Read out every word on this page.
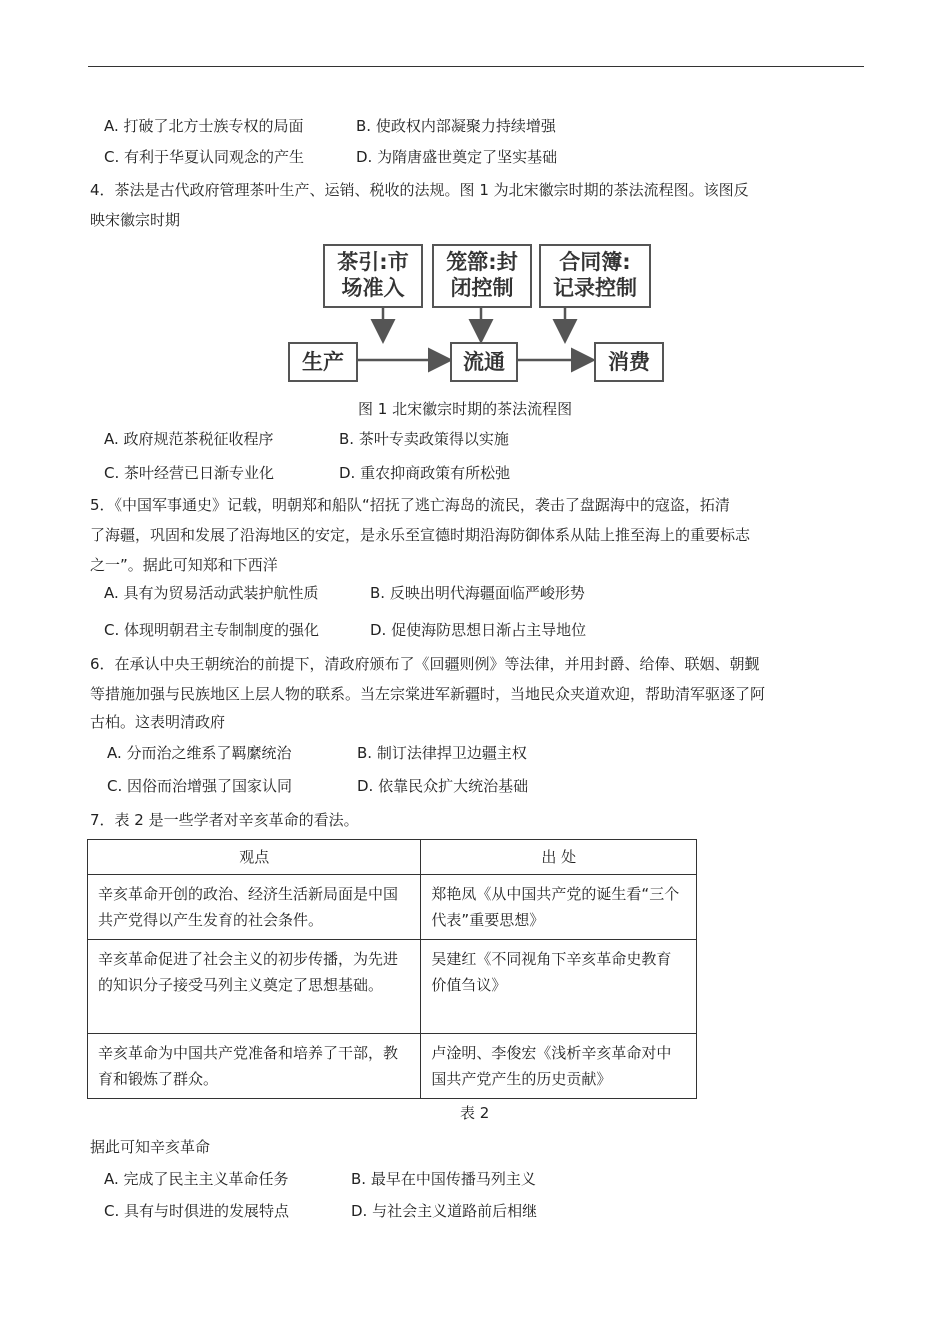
A. 打破了北方士族专权的局面	B. 使政权内部凝聚力持续增强
C. 有利于华夏认同观念的产生	D. 为隋唐盛世奠定了坚实基础
4．茶法是古代政府管理茶叶生产、运销、税收的法规。图 1 为北宋徽宗时期的茶法流程图。该图反
映宋徽宗时期
茶引:市
场准入
笼篰:封
闭控制
合同簿:
记录控制
生产	流通	消费
图 1 北宋徽宗时期的茶法流程图
A. 政府规范茶税征收程序	B. 茶叶专卖政策得以实施
C. 茶叶经营已日渐专业化	D. 重农抑商政策有所松弛
5．《中国军事通史》记载，明朝郑和船队“招抚了逃亡海岛的流民，袭击了盘踞海中的寇盗，拓清
了海疆，巩固和发展了沿海地区的安定，是永乐至宣德时期沿海防御体系从陆上推至海上的重要标志
之一”。据此可知郑和下西洋
A. 具有为贸易活动武装护航性质	B. 反映出明代海疆面临严峻形势
C. 体现明朝君主专制制度的强化	D. 促使海防思想日渐占主导地位
6．在承认中央王朝统治的前提下，清政府颁布了《回疆则例》等法律，并用封爵、给俸、联姻、朝觐
等措施加强与民族地区上层人物的联系。当左宗棠进军新疆时，当地民众夹道欢迎，帮助清军驱逐了阿
古柏。这表明清政府
A. 分而治之维系了羁縻统治	B. 制订法律捍卫边疆主权
C. 因俗而治增强了国家认同	D. 依靠民众扩大统治基础
7．表 2 是一些学者对辛亥革命的看法。
观点	出 处
辛亥革命开创的政治、经济生活新局面是中国共产党得以产生发育的社会条件。	郑艳凤《从中国共产党的诞生看“三个代表”重要思想》
辛亥革命促进了社会主义的初步传播，为先进的知识分子接受马列主义奠定了思想基础。	吴建红《不同视角下辛亥革命史教育价值刍议》
辛亥革命为中国共产党准备和培养了干部，教育和锻炼了群众。	卢淦明、李俊宏《浅析辛亥革命对中国共产党产生的历史贡献》
表 2
据此可知辛亥革命
A. 完成了民主主义革命任务	B. 最早在中国传播马列主义
C. 具有与时俱进的发展特点	D. 与社会主义道路前后相继
